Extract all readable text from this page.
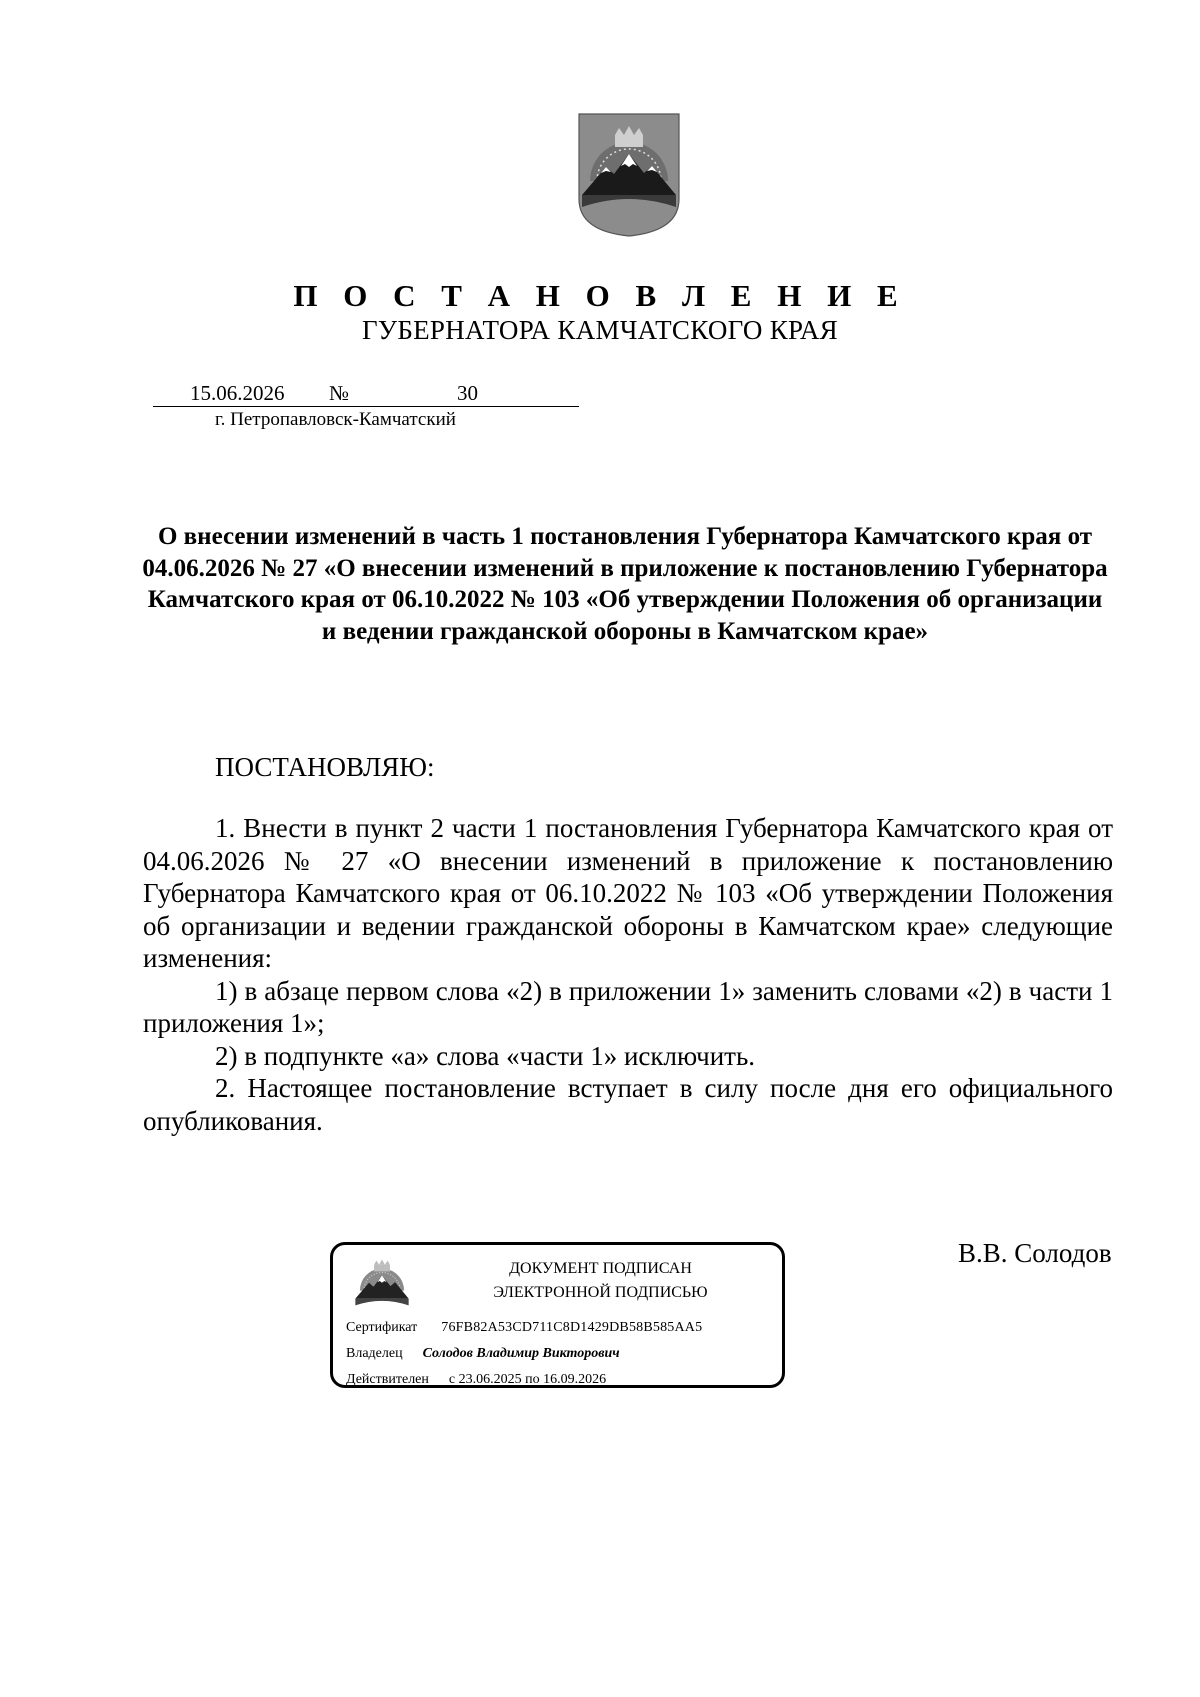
П О С Т А Н О В Л Е Н И Е
ГУБЕРНАТОРА КАМЧАТСКОГО КРАЯ
15.06.2026 №	30
г. Петропавловск-Камчатский
О внесении изменений в часть 1 постановления Губернатора Камчатского края от 04.06.2026 № 27 «О внесении изменений в приложение к постановлению Губернатора Камчатского края от 06.10.2022 № 103 «Об утверждении Положения об организации и ведении гражданской обороны в Камчатском крае»
ПОСТАНОВЛЯЮ:

1. Внести в пункт 2 части 1 постановления Губернатора Камчатского края от 04.06.2026 № 27 «О внесении изменений в приложение к постановлению Губернатора Камчатского края от 06.10.2022 № 103 «Об утверждении Положения об организации и ведении гражданской обороны в Камчатском крае» следующие изменения:

1) в абзаце первом слова «2) в приложении 1» заменить словами «2) в части 1 приложения 1»;

2) в подпункте «а» слова «части 1» исключить.

2. Настоящее постановление вступает в силу после дня его официального опубликования.

ДОКУМЕНТ ПОДПИСАН
ЭЛЕКТРОННОЙ ПОДПИСЬЮ
Сертификат 76FB82A53CD711C8D1429DB58B585AA5
Владелец Солодов Владимир Викторович
Действителен с 23.06.2025 по 16.09.2026
В.В. Солодов
